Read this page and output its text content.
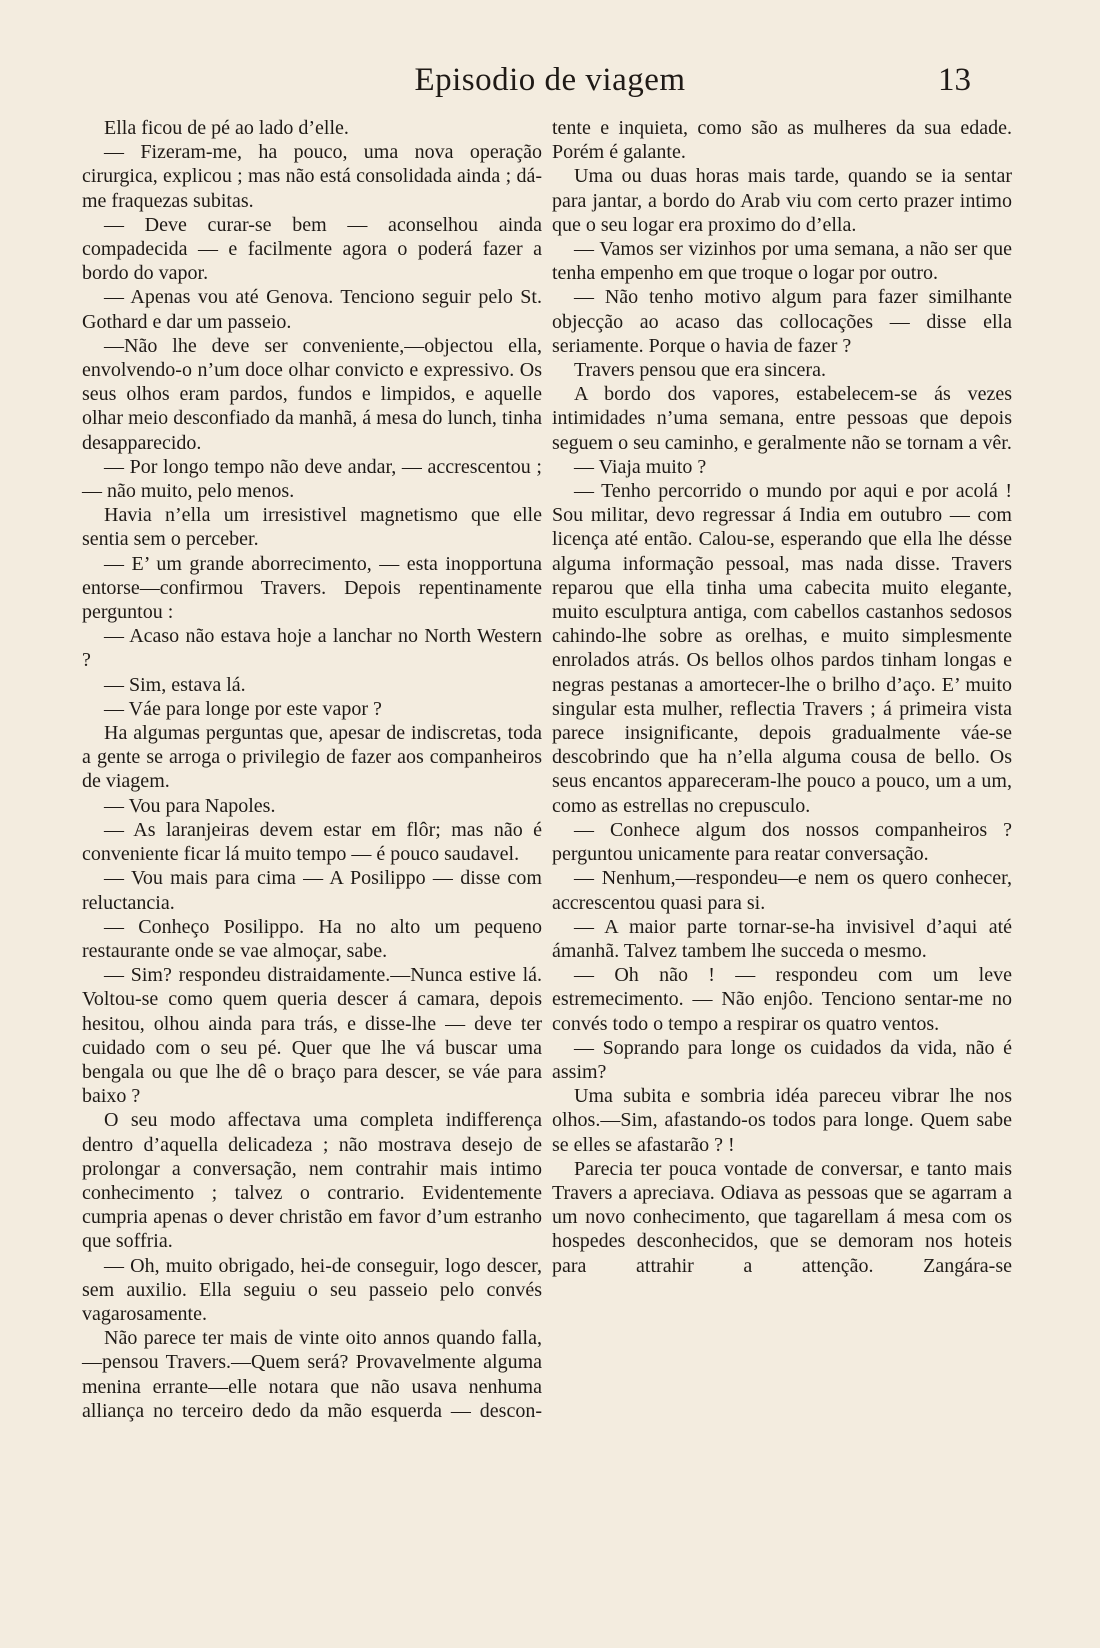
Episodio de viagem	13

Ella ficou de pé ao lado d’elle.

— Fizeram-me, ha pouco, uma nova operação cirurgica, explicou ; mas não está consolidada ainda ; dá-me fraquezas subitas.

— Deve curar-se bem — aconselhou ainda compadecida — e facilmente agora o poderá fazer a bordo do vapor.

— Apenas vou até Genova. Tenciono seguir pelo St. Gothard e dar um passeio.

—Não lhe deve ser conveniente,—objectou ella, envolvendo-o n’um doce olhar convicto e expressivo. Os seus olhos eram pardos, fundos e limpidos, e aquelle olhar meio desconfiado da manhã, á mesa do lunch, tinha desapparecido.

— Por longo tempo não deve andar, — accrescentou ; — não muito, pelo menos.

Havia n’ella um irresistivel magnetismo que elle sentia sem o perceber.

— E’ um grande aborrecimento, — esta inopportuna entorse—confirmou Travers. Depois repentinamente perguntou :

— Acaso não estava hoje a lanchar no North Western ?

— Sim, estava lá.

— Váe para longe por este vapor ?

Ha algumas perguntas que, apesar de indiscretas, toda a gente se arroga o privilegio de fazer aos companheiros de viagem.

— Vou para Napoles.

— As laranjeiras devem estar em flôr; mas não é conveniente ficar lá muito tempo — é pouco saudavel.

— Vou mais para cima — A Posilippo — disse com reluctancia.

— Conheço Posilippo. Ha no alto um pequeno restaurante onde se vae almoçar, sabe.

— Sim? respondeu distraidamente.—Nunca estive lá. Voltou-se como quem queria descer á camara, depois hesitou, olhou ainda para trás, e disse-lhe — deve ter cuidado com o seu pé. Quer que lhe vá buscar uma bengala ou que lhe dê o braço para descer, se váe para baixo ?

O seu modo affectava uma completa indifferença dentro d’aquella delicadeza ; não mostrava desejo de prolongar a conversação, nem contrahir mais intimo conhecimento ; talvez o contrario. Evidentemente cumpria apenas o dever christão em favor d’um estranho que soffria.

— Oh, muito obrigado, hei-de conseguir, logo descer, sem auxilio. Ella seguiu o seu passeio pelo convés vagarosamente.

Não parece ter mais de vinte oito annos quando falla,—pensou Travers.—Quem será? Provavelmente alguma menina errante—elle notara que não usava nenhuma alliança no terceiro dedo da mão esquerda — descon-

tente e inquieta, como são as mulheres da sua edade. Porém é galante.

Uma ou duas horas mais tarde, quando se ia sentar para jantar, a bordo do Arab viu com certo prazer intimo que o seu logar era proximo do d’ella.

— Vamos ser vizinhos por uma semana, a não ser que tenha empenho em que troque o logar por outro.

— Não tenho motivo algum para fazer similhante objecção ao acaso das collocações — disse ella seriamente. Porque o havia de fazer ?

Travers pensou que era sincera.

A bordo dos vapores, estabelecem-se ás vezes intimidades n’uma semana, entre pessoas que depois seguem o seu caminho, e geralmente não se tornam a vêr.

— Viaja muito ?

— Tenho percorrido o mundo por aqui e por acolá ! Sou militar, devo regressar á India em outubro — com licença até então. Calou-se, esperando que ella lhe désse alguma informação pessoal, mas nada disse. Travers reparou que ella tinha uma cabecita muito elegante, muito esculptura antiga, com cabellos castanhos sedosos cahindo-lhe sobre as orelhas, e muito simplesmente enrolados atrás. Os bellos olhos pardos tinham longas e negras pestanas a amortecer-lhe o brilho d’aço. E’ muito singular esta mulher, reflectia Travers ; á primeira vista parece insignificante, depois gradualmente váe-se descobrindo que ha n’ella alguma cousa de bello. Os seus encantos appareceram-lhe pouco a pouco, um a um, como as estrellas no crepusculo.

— Conhece algum dos nossos companheiros ? perguntou unicamente para reatar conversação.

— Nenhum,—respondeu—e nem os quero conhecer, accrescentou quasi para si.

— A maior parte tornar-se-ha invisivel d’aqui até ámanhã. Talvez tambem lhe succeda o mesmo.

— Oh não ! — respondeu com um leve estremecimento. — Não enjôo. Tenciono sentar-me no convés todo o tempo a respirar os quatro ventos.

— Soprando para longe os cuidados da vida, não é assim?

Uma subita e sombria idéa pareceu vibrar lhe nos olhos.—Sim, afastando-os todos para longe. Quem sabe se elles se afastarão ? !

Parecia ter pouca vontade de conversar, e tanto mais Travers a apreciava. Odiava as pessoas que se agarram a um novo conhecimento, que tagarellam á mesa com os hospedes desconhecidos, que se demoram nos hoteis para attrahir a attenção. Zangára-se
